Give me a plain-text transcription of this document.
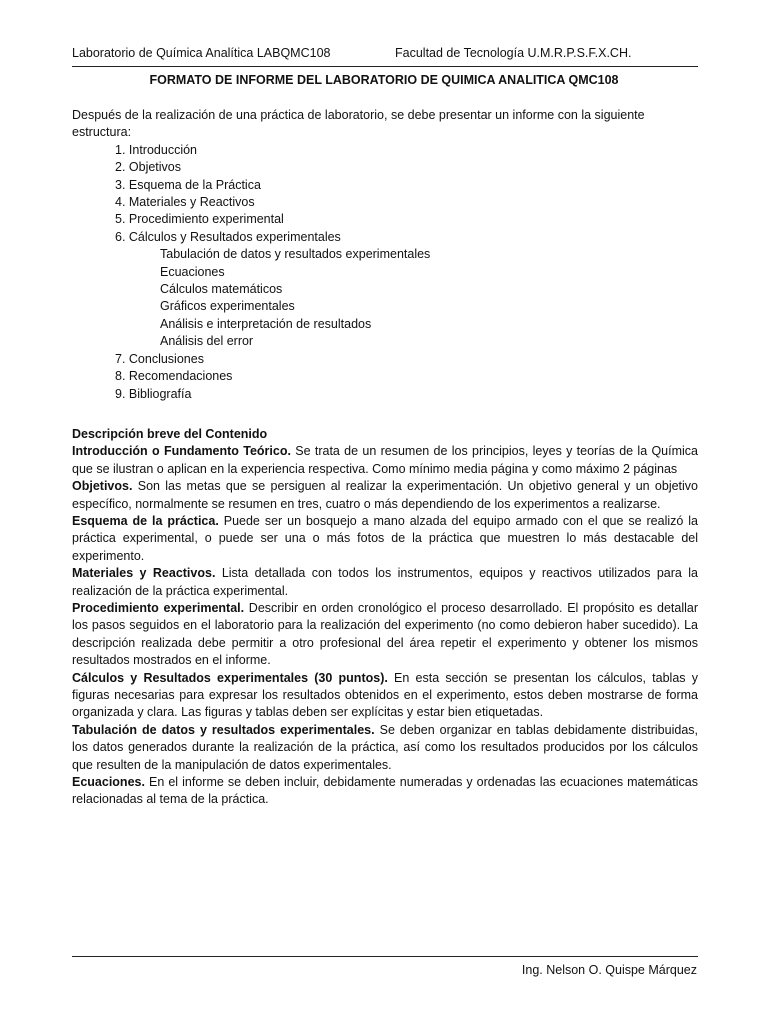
Laboratorio de Química Analítica LABQMC108	Facultad de Tecnología U.M.R.P.S.F.X.CH.
FORMATO DE INFORME DEL LABORATORIO DE QUIMICA ANALITICA QMC108

Después de la realización de una práctica de laboratorio, se debe presentar un informe con la siguiente estructura:

1. Introducción
2. Objetivos
3. Esquema de la Práctica
4. Materiales y Reactivos
5. Procedimiento experimental
6. Cálculos y Resultados experimentales
Tabulación de datos y resultados experimentales
Ecuaciones
Cálculos matemáticos
Gráficos experimentales
Análisis e interpretación de resultados
Análisis del error
7. Conclusiones
8. Recomendaciones
9. Bibliografía

Descripción breve del Contenido

Introducción o Fundamento Teórico. Se trata de un resumen de los principios, leyes y teorías de la Química que se ilustran o aplican en la experiencia respectiva. Como mínimo media página y como máximo 2 páginas

Objetivos. Son las metas que se persiguen al realizar la experimentación. Un objetivo general y un objetivo específico, normalmente se resumen en tres, cuatro o más dependiendo de los experimentos a realizarse.

Esquema de la práctica. Puede ser un bosquejo a mano alzada del equipo armado con el que se realizó la práctica experimental, o puede ser una o más fotos de la práctica que muestren lo más destacable del experimento.

Materiales y Reactivos. Lista detallada con todos los instrumentos, equipos y reactivos utilizados para la realización de la práctica experimental.

Procedimiento experimental. Describir en orden cronológico el proceso desarrollado. El propósito es detallar los pasos seguidos en el laboratorio para la realización del experimento (no como debieron haber sucedido). La descripción realizada debe permitir a otro profesional del área repetir el experimento y obtener los mismos resultados mostrados en el informe.

Cálculos y Resultados experimentales (30 puntos). En esta sección se presentan los cálculos, tablas y figuras necesarias para expresar los resultados obtenidos en el experimento, estos deben mostrarse de forma organizada y clara. Las figuras y tablas deben ser explícitas y estar bien etiquetadas.

Tabulación de datos y resultados experimentales. Se deben organizar en tablas debidamente distribuidas, los datos generados durante la realización de la práctica, así como los resultados producidos por los cálculos que resulten de la manipulación de datos experimentales.

Ecuaciones. En el informe se deben incluir, debidamente numeradas y ordenadas las ecuaciones matemáticas relacionadas al tema de la práctica.

Ing. Nelson O. Quispe Márquez
